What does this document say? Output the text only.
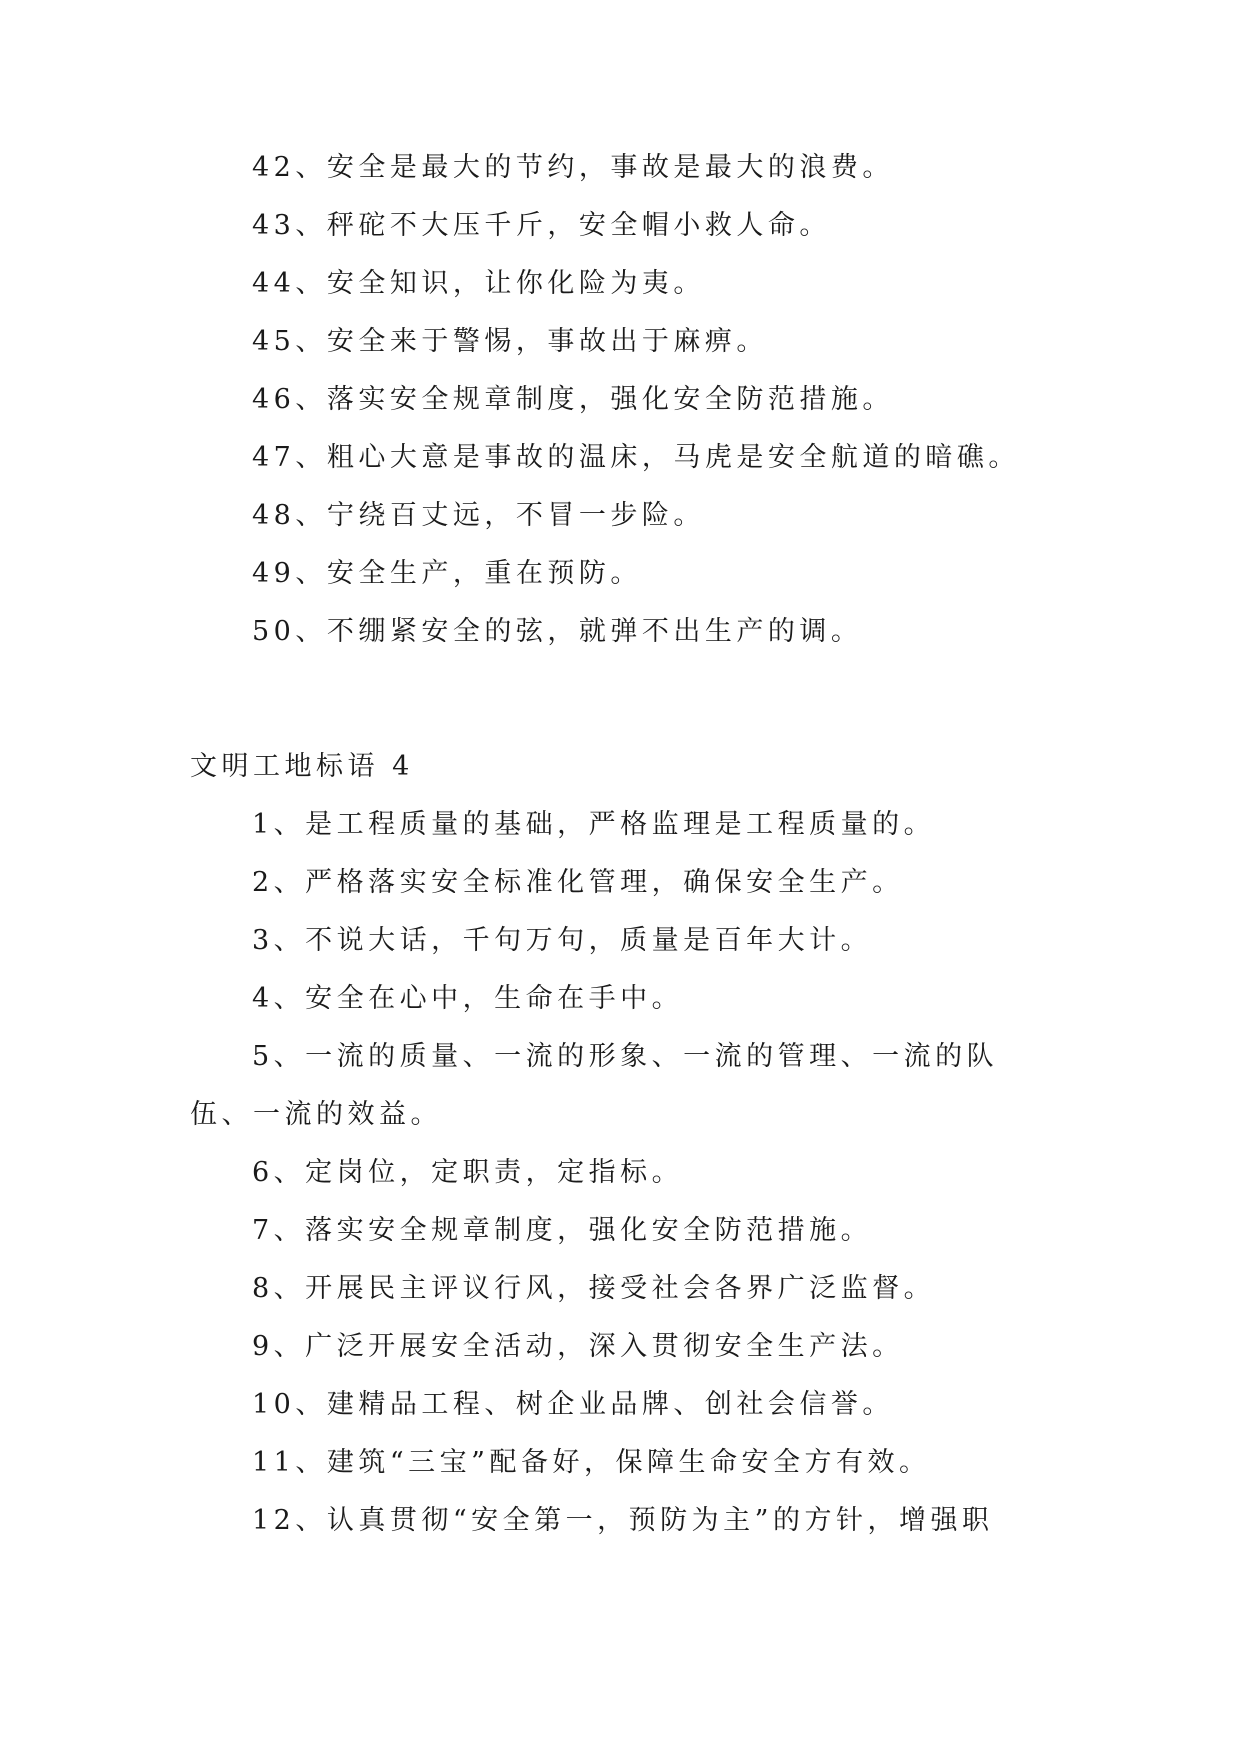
42、安全是最大的节约，事故是最大的浪费。
43、秤砣不大压千斤，安全帽小救人命。
44、安全知识，让你化险为夷。
45、安全来于警惕，事故出于麻痹。
46、落实安全规章制度，强化安全防范措施。
47、粗心大意是事故的温床，马虎是安全航道的暗礁。
48、宁绕百丈远，不冒一步险。
49、安全生产，重在预防。
50、不绷紧安全的弦，就弹不出生产的调。
文明工地标语 4
1、是工程质量的基础，严格监理是工程质量的。
2、严格落实安全标准化管理，确保安全生产。
3、不说大话，千句万句，质量是百年大计。
4、安全在心中，生命在手中。
5、一流的质量、一流的形象、一流的管理、一流的队
伍、一流的效益。
6、定岗位，定职责，定指标。
7、落实安全规章制度，强化安全防范措施。
8、开展民主评议行风，接受社会各界广泛监督。
9、广泛开展安全活动，深入贯彻安全生产法。
10、建精品工程、树企业品牌、创社会信誉。
11、建筑“三宝”配备好，保障生命安全方有效。
12、认真贯彻“安全第一，预防为主”的方针，增强职
